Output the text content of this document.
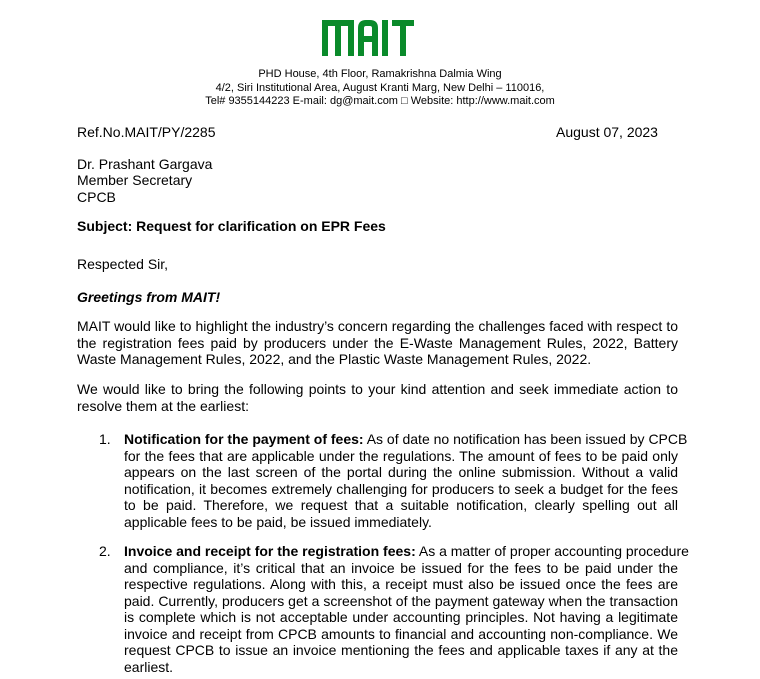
PHD House, 4th Floor, Ramakrishna Dalmia Wing
4/2, Siri Institutional Area, August Kranti Marg, New Delhi – 110016,
Tel# 9355144223 E-mail: dg@mait.com □ Website: http://www.mait.com
Ref.No.MAIT/PY/2285	August 07, 2023
Dr. Prashant Gargava
Member Secretary
CPCB
Subject: Request for clarification on EPR Fees
Respected Sir,
Greetings from MAIT!
MAIT would like to highlight the industry’s concern regarding the challenges faced with respect to
the registration fees paid by producers under the E-Waste Management Rules, 2022, Battery
Waste Management Rules, 2022, and the Plastic Waste Management Rules, 2022.
We would like to bring the following points to your kind attention and seek immediate action to
resolve them at the earliest:
1. Notification for the payment of fees: As of date no notification has been issued by CPCB
for the fees that are applicable under the regulations. The amount of fees to be paid only
appears on the last screen of the portal during the online submission. Without a valid
notification, it becomes extremely challenging for producers to seek a budget for the fees
to be paid. Therefore, we request that a suitable notification, clearly spelling out all
applicable fees to be paid, be issued immediately.
2. Invoice and receipt for the registration fees: As a matter of proper accounting procedure
and compliance, it’s critical that an invoice be issued for the fees to be paid under the
respective regulations. Along with this, a receipt must also be issued once the fees are
paid. Currently, producers get a screenshot of the payment gateway when the transaction
is complete which is not acceptable under accounting principles. Not having a legitimate
invoice and receipt from CPCB amounts to financial and accounting non-compliance. We
request CPCB to issue an invoice mentioning the fees and applicable taxes if any at the
earliest.
